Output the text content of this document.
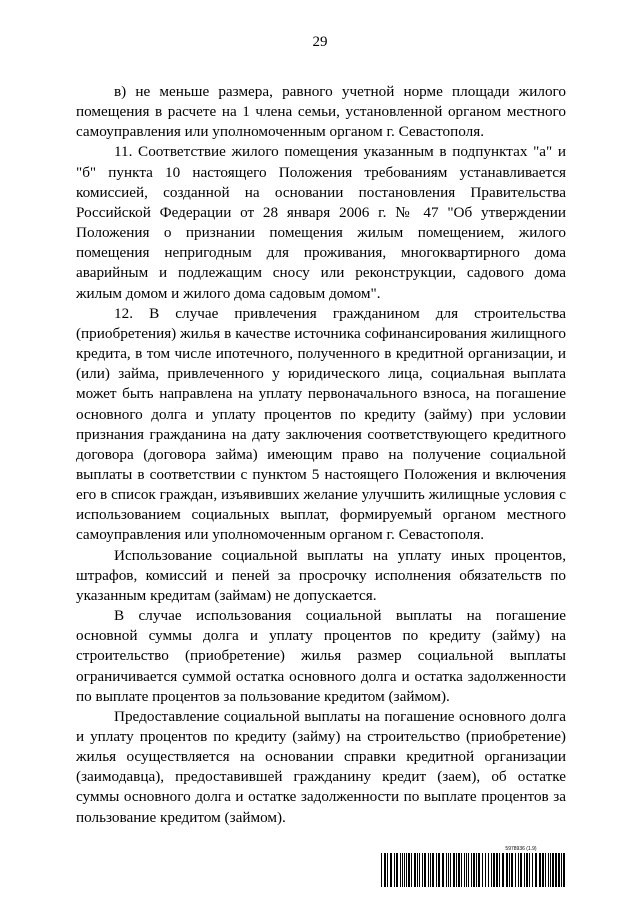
29

в) не меньше размера, равного учетной норме площади жилого помещения в расчете на 1 члена семьи, установленной органом местного самоуправления или уполномоченным органом г. Севастополя.

11. Соответствие жилого помещения указанным в подпунктах "а" и "б" пункта 10 настоящего Положения требованиям устанавливается комиссией, созданной на основании постановления Правительства Российской Федерации от 28 января 2006 г. № 47 "Об утверждении Положения о признании помещения жилым помещением, жилого помещения непригодным для проживания, многоквартирного дома аварийным и подлежащим сносу или реконструкции, садового дома жилым домом и жилого дома садовым домом".

12. В случае привлечения гражданином для строительства (приобретения) жилья в качестве источника софинансирования жилищного кредита, в том числе ипотечного, полученного в кредитной организации, и (или) займа, привлеченного у юридического лица, социальная выплата может быть направлена на уплату первоначального взноса, на погашение основного долга и уплату процентов по кредиту (займу) при условии признания гражданина на дату заключения соответствующего кредитного договора (договора займа) имеющим право на получение социальной выплаты в соответствии с пунктом 5 настоящего Положения и включения его в список граждан, изъявивших желание улучшить жилищные условия с использованием социальных выплат, формируемый органом местного самоуправления или уполномоченным органом г. Севастополя.

Использование социальной выплаты на уплату иных процентов, штрафов, комиссий и пеней за просрочку исполнения обязательств по указанным кредитам (займам) не допускается.

В случае использования социальной выплаты на погашение основной суммы долга и уплату процентов по кредиту (займу) на строительство (приобретение) жилья размер социальной выплаты ограничивается суммой остатка основного долга и остатка задолженности по выплате процентов за пользование кредитом (займом).

Предоставление социальной выплаты на погашение основного долга и уплату процентов по кредиту (займу) на строительство (приобретение) жилья осуществляется на основании справки кредитной организации (заимодавца), предоставившей гражданину кредит (заем), об остатке суммы основного долга и остатке задолженности по выплате процентов за пользование кредитом (займом).

5978936 (1.9)
